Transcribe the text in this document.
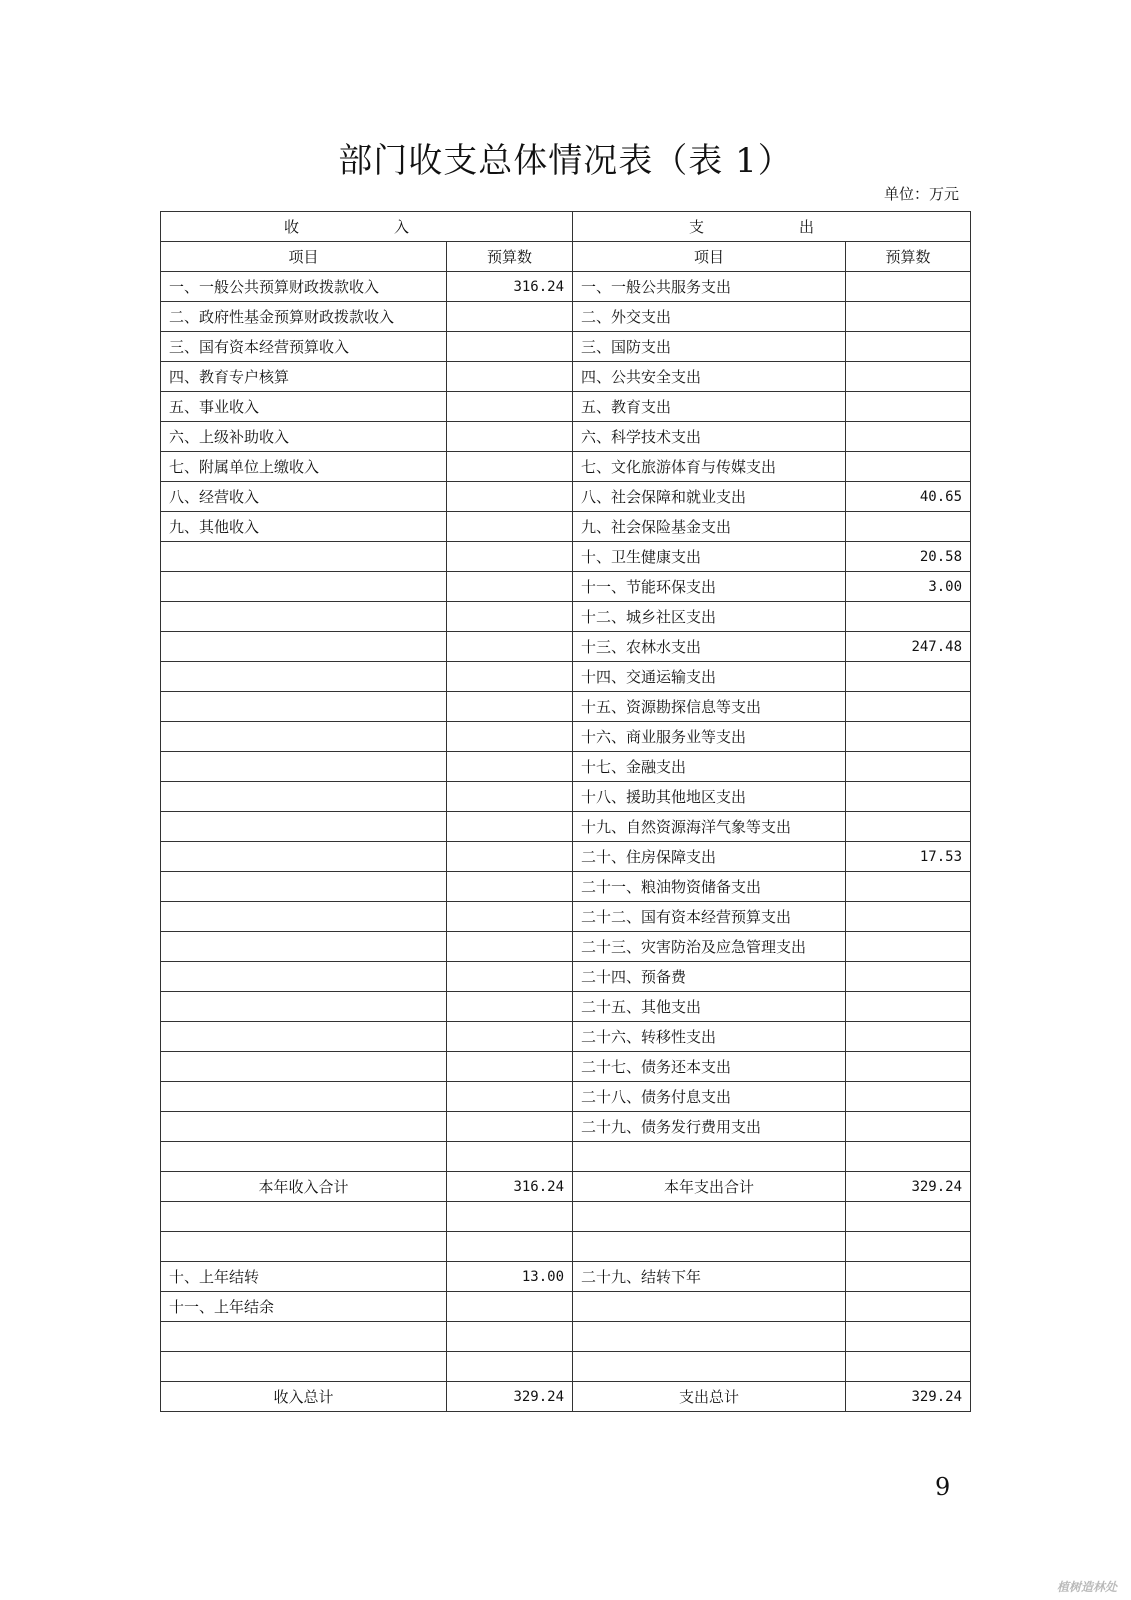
部门收支总体情况表（表 1）
单位：万元
收　入		支　出	
项目	预算数	项目	预算数
一、一般公共预算财政拨款收入	316.24	一、一般公共服务支出	
二、政府性基金预算财政拨款收入		二、外交支出	
三、国有资本经营预算收入		三、国防支出	
四、教育专户核算		四、公共安全支出	
五、事业收入		五、教育支出	
六、上级补助收入		六、科学技术支出	
七、附属单位上缴收入		七、文化旅游体育与传媒支出	
八、经营收入		八、社会保障和就业支出	40.65
九、其他收入		九、社会保险基金支出	
		十、卫生健康支出	20.58
		十一、节能环保支出	3.00
		十二、城乡社区支出	
		十三、农林水支出	247.48
		十四、交通运输支出	
		十五、资源勘探信息等支出	
		十六、商业服务业等支出	
		十七、金融支出	
		十八、援助其他地区支出	
		十九、自然资源海洋气象等支出	
		二十、住房保障支出	17.53
		二十一、粮油物资储备支出	
		二十二、国有资本经营预算支出	
		二十三、灾害防治及应急管理支出	
		二十四、预备费	
		二十五、其他支出	
		二十六、转移性支出	
		二十七、债务还本支出	
		二十八、债务付息支出	
		二十九、债务发行费用支出	

本年收入合计	316.24	本年支出合计	329.24

十、上年结转	13.00	二十九、结转下年	
十一、上年结余			

收入总计	329.24	支出总计	329.24
9
植树造林处
